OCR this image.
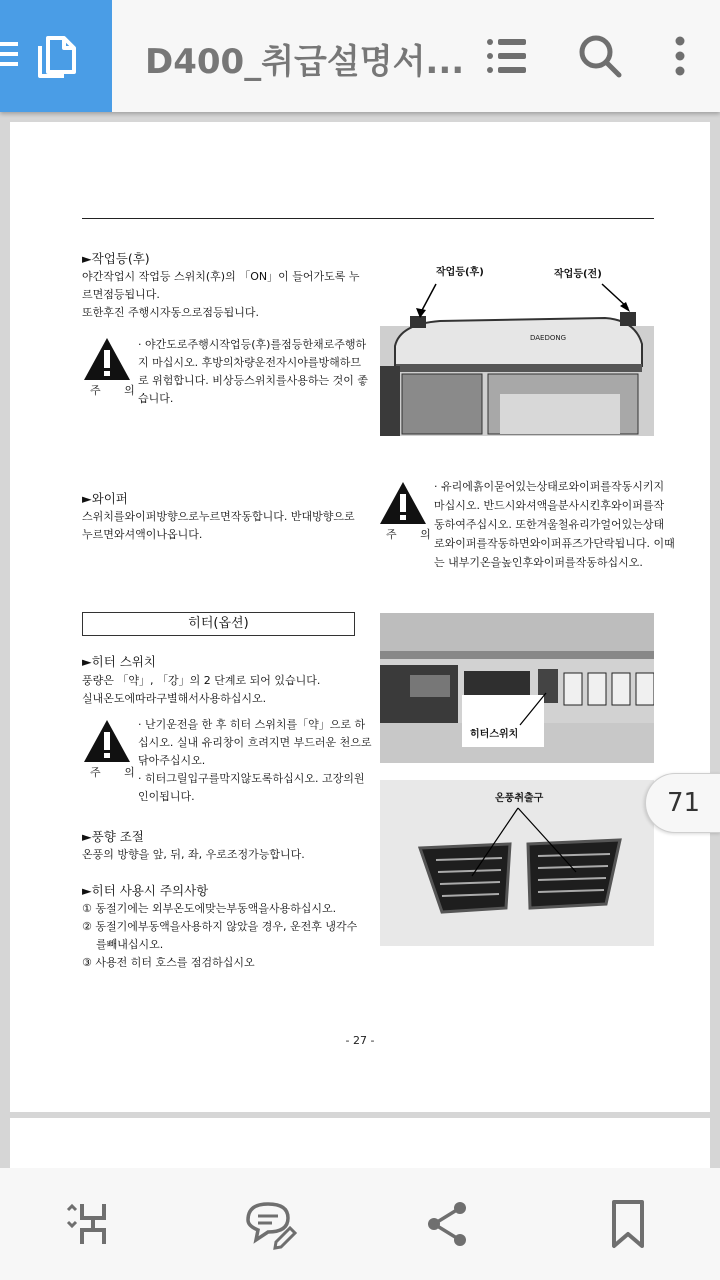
D400_취급설명서...
►작업등(후)
야간작업시 작업등 스위치(후)의 「ON」이 들어가도록 누
르면점등됩니다.
또한후진 주행시자동으로점등됩니다.
주 의
· 야간도로주행시작업등(후)를점등한채로주행하
지 마십시오. 후방의차량운전자시야를방해하므
로 위험합니다. 비상등스위치를사용하는 것이 좋
습니다.
DAEDONG
작업등(후)	작업등(전)
►와이퍼
스위치를와이퍼방향으로누르면작동합니다. 반대방향으로
누르면와셔액이나옵니다.	주 의
· 유리에흙이묻어있는상태로와이퍼를작동시키지
마십시오. 반드시와셔액을분사시킨후와이퍼를작
동하여주십시오. 또한겨울철유리가얼어있는상태
로와이퍼를작동하면와이퍼퓨즈가단락됩니다. 이때
는 내부기온을높인후와이퍼를작동하십시오.
히터(옵션)
►히터 스위치
풍량은 「약」, 「강」의 2 단계로 되어 있습니다.
실내온도에따라구별해서사용하십시오.
주 의
· 난기운전을 한 후 히터 스위치를「약」으로 하
십시오. 실내 유리창이 흐려지면 부드러운 천으로
닦아주십시오.
· 히터그릴입구를막지않도록하십시오. 고장의원
인이됩니다.
히터스위치
►풍향 조절
온풍의 방향을 앞, 뒤, 좌, 우로조정가능합니다.
온풍취출구
►히터 사용시 주의사항
① 동절기에는 외부온도에맞는부동액을사용하십시오.
② 동절기에부동액을사용하지 않았을 경우, 운전후 냉각수
를빼내십시오.
③ 사용전 히터 호스를 점검하십시오
- 27 -
71
